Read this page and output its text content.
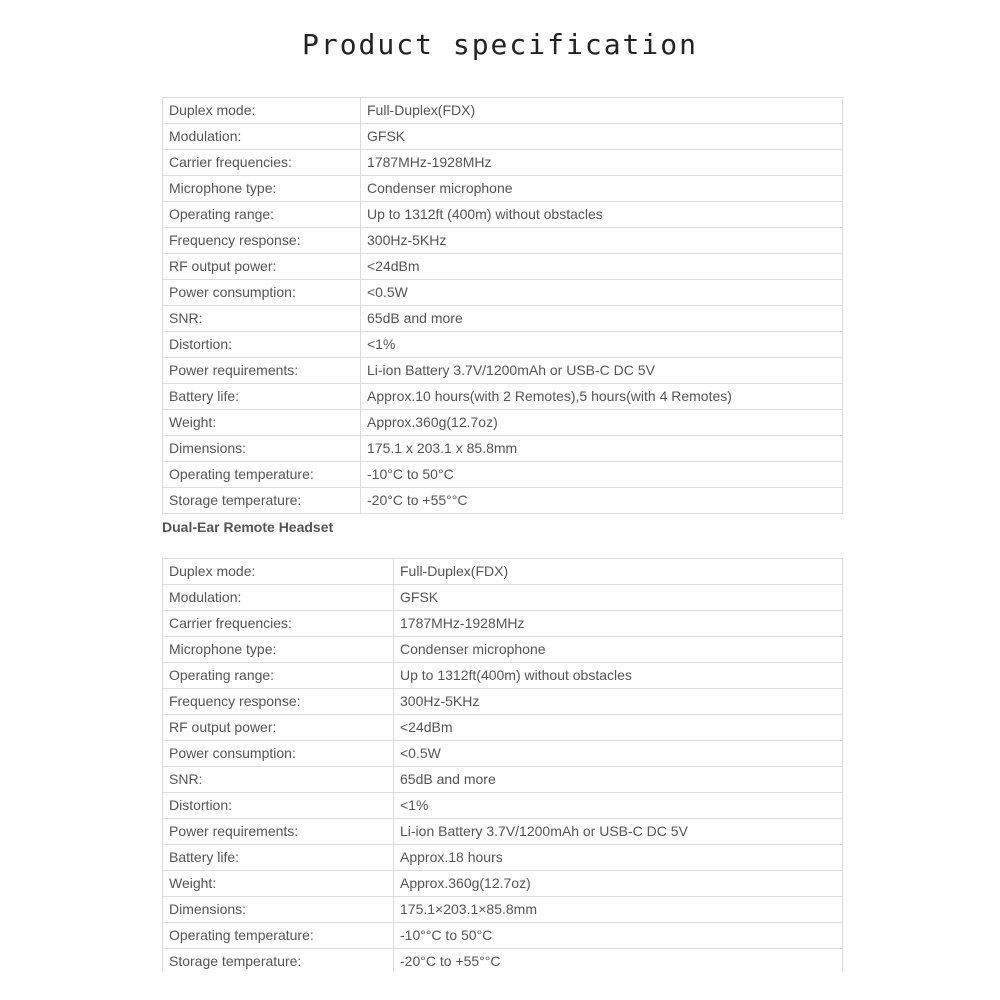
Product specification
Duplex mode:	Full-Duplex(FDX)
Modulation:	GFSK
Carrier frequencies:	1787MHz-1928MHz
Microphone type:	Condenser microphone
Operating range:	Up to 1312ft (400m) without obstacles
Frequency response:	300Hz-5KHz
RF output power:	<24dBm
Power consumption:	<0.5W
SNR:	65dB and more
Distortion:	<1%
Power requirements:	Li-ion Battery 3.7V/1200mAh or USB-C DC 5V
Battery life:	Approx.10 hours(with 2 Remotes),5 hours(with 4 Remotes)
Weight:	Approx.360g(12.7oz)
Dimensions:	175.1 x 203.1 x 85.8mm
Operating temperature:	-10°C to 50°C
Storage temperature:	-20°C to +55°°C
Dual-Ear Remote Headset
Duplex mode:	Full-Duplex(FDX)
Modulation:	GFSK
Carrier frequencies:	1787MHz-1928MHz
Microphone type:	Condenser microphone
Operating range:	Up to 1312ft(400m) without obstacles
Frequency response:	300Hz-5KHz
RF output power:	<24dBm
Power consumption:	<0.5W
SNR:	65dB and more
Distortion:	<1%
Power requirements:	Li-ion Battery 3.7V/1200mAh or USB-C DC 5V
Battery life:	Approx.18 hours
Weight:	Approx.360g(12.7oz)
Dimensions:	175.1×203.1×85.8mm
Operating temperature:	-10°°C to 50°C
Storage temperature:	-20°C to +55°°C
